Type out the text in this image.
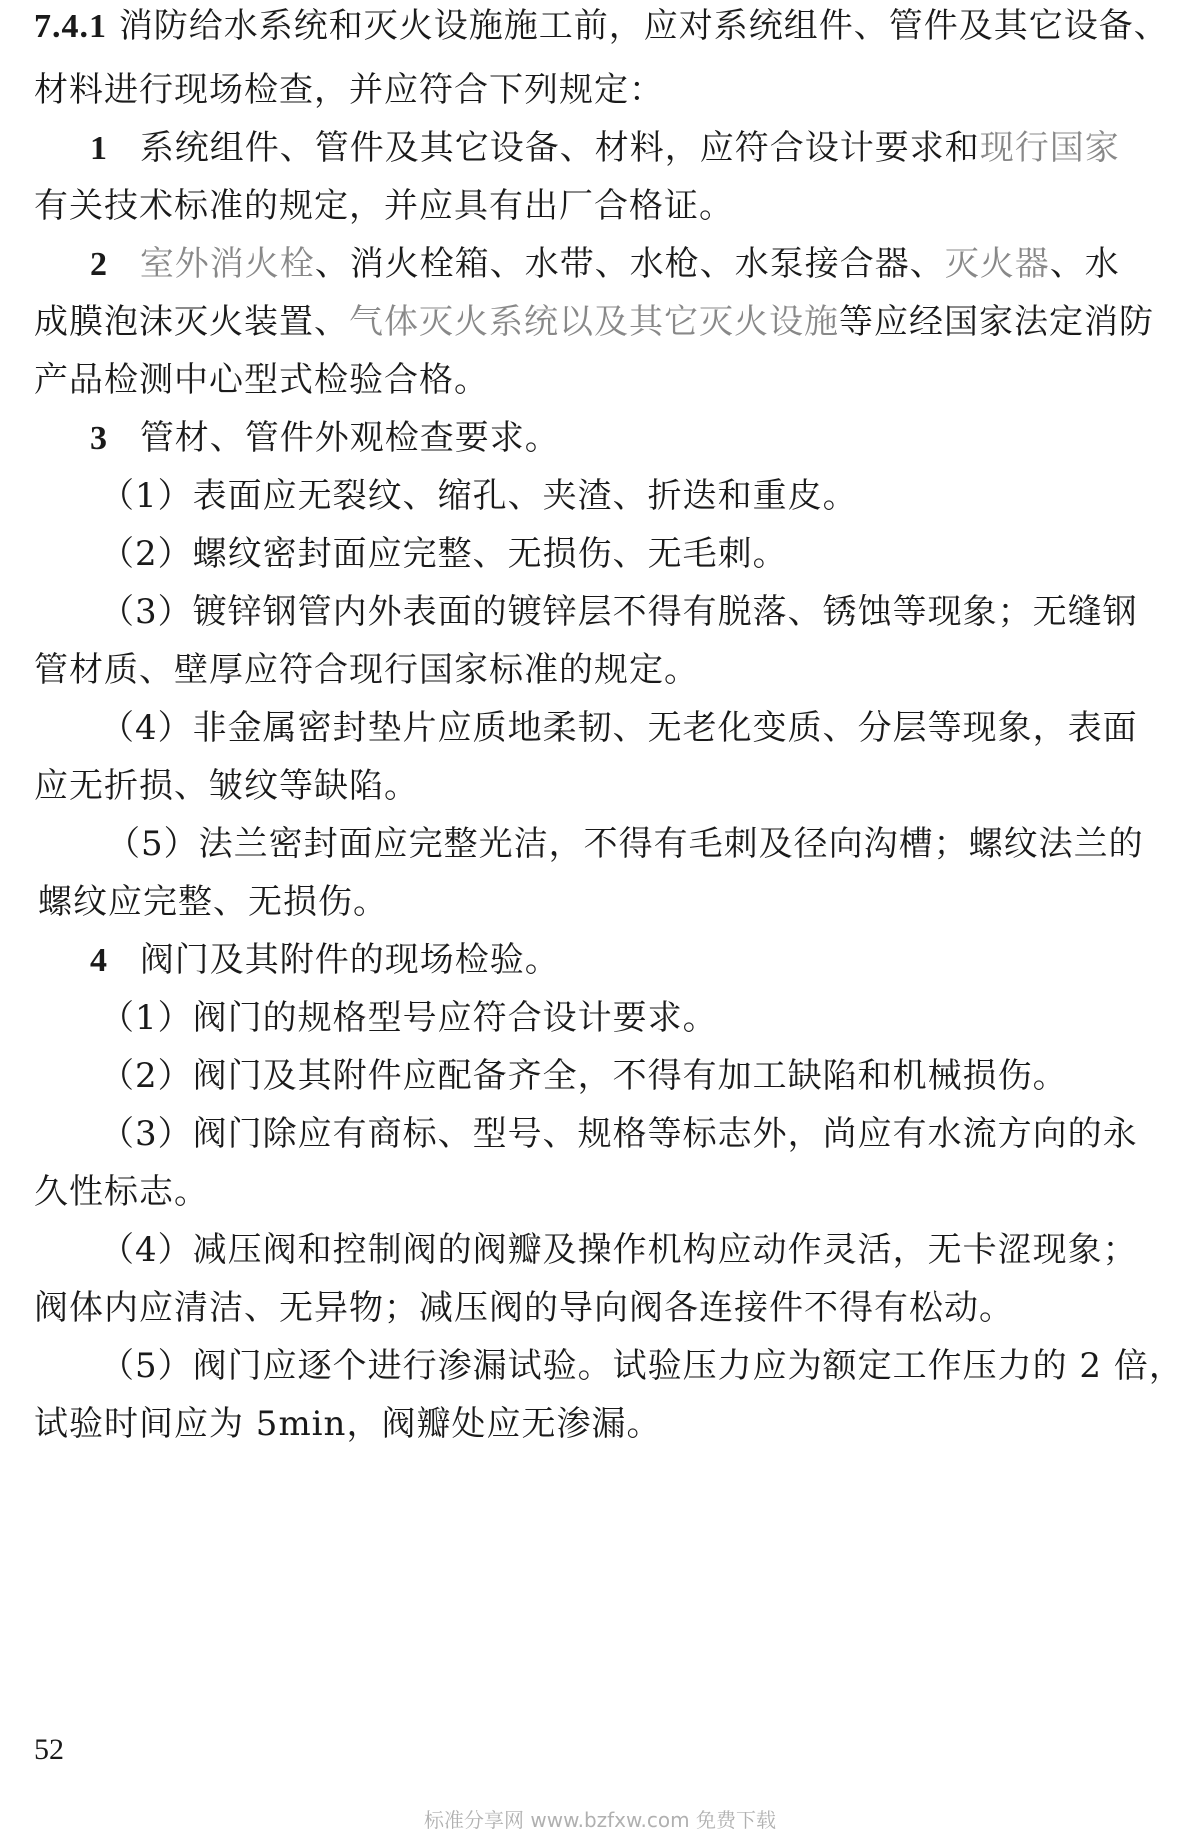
7.4.1 消防给水系统和灭火设施施工前，应对系统组件、管件及其它设备、
材料进行现场检查，并应符合下列规定：
1 系统组件、管件及其它设备、材料，应符合设计要求和现行国家
有关技术标准的规定，并应具有出厂合格证。
2 室外消火栓、消火栓箱、水带、水枪、水泵接合器、灭火器、水
成膜泡沫灭火装置、气体灭火系统以及其它灭火设施等应经国家法定消防
产品检测中心型式检验合格。
3 管材、管件外观检查要求。
（1）表面应无裂纹、缩孔、夹渣、折迭和重皮。
（2）螺纹密封面应完整、无损伤、无毛刺。
（3）镀锌钢管内外表面的镀锌层不得有脱落、锈蚀等现象；无缝钢
管材质、壁厚应符合现行国家标准的规定。
（4）非金属密封垫片应质地柔韧、无老化变质、分层等现象，表面
应无折损、皱纹等缺陷。
（5）法兰密封面应完整光洁，不得有毛刺及径向沟槽；螺纹法兰的
螺纹应完整、无损伤。
4 阀门及其附件的现场检验。
（1）阀门的规格型号应符合设计要求。
（2）阀门及其附件应配备齐全，不得有加工缺陷和机械损伤。
（3）阀门除应有商标、型号、规格等标志外，尚应有水流方向的永
久性标志。
（4）减压阀和控制阀的阀瓣及操作机构应动作灵活，无卡涩现象；
阀体内应清洁、无异物；减压阀的导向阀各连接件不得有松动。
（5）阀门应逐个进行渗漏试验。试验压力应为额定工作压力的 2 倍，
试验时间应为 5min，阀瓣处应无渗漏。
52
标准分享网 www.bzfxw.com 免费下载
